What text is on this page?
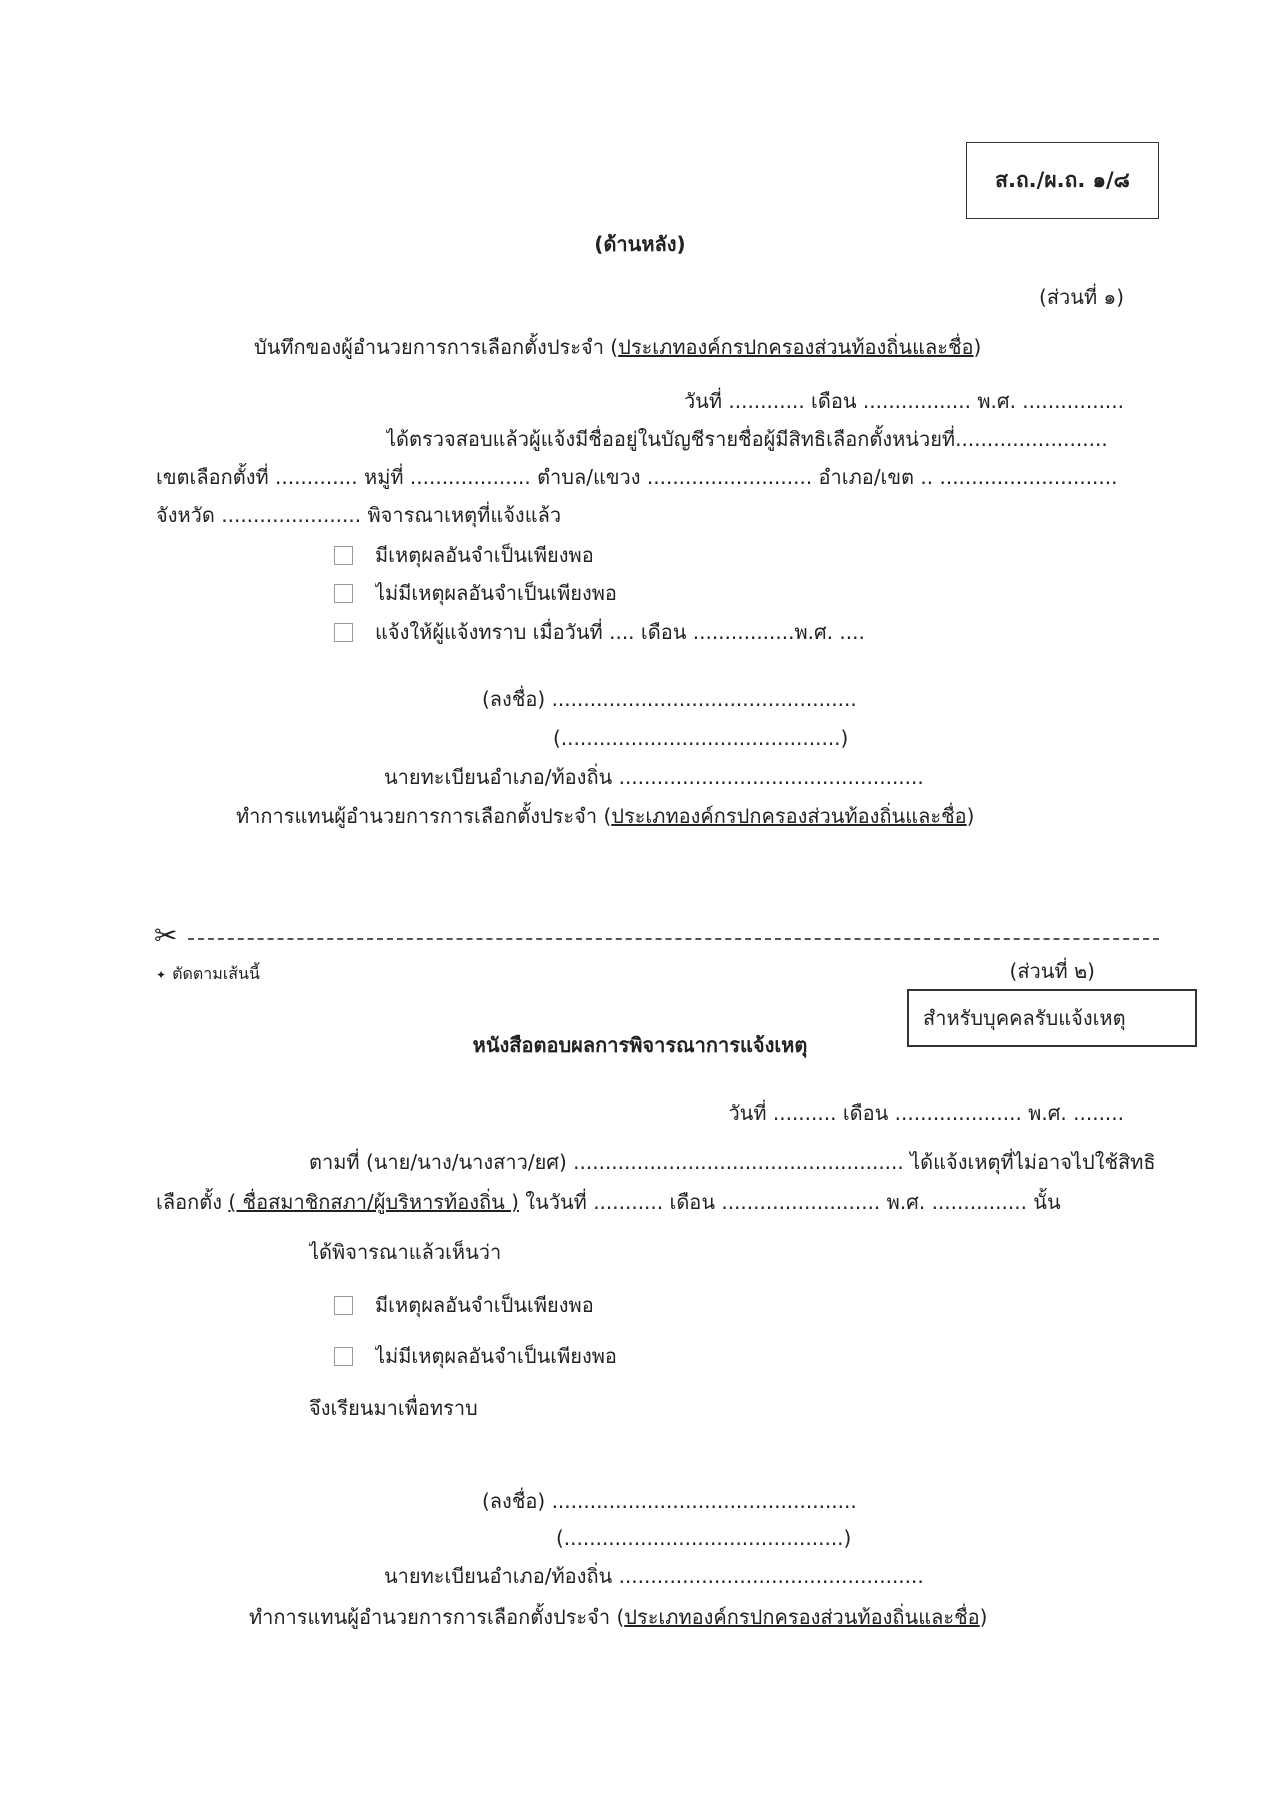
ส.ถ./ผ.ถ. ๑/๘
(ด้านหลัง)
(ส่วนที่ ๑)
บันทึกของผู้อำนวยการการเลือกตั้งประจำ (ประเภทองค์กรปกครองส่วนท้องถิ่นและชื่อ)
วันที่ ............ เดือน ................. พ.ศ. ................
ได้ตรวจสอบแล้วผู้แจ้งมีชื่ออยู่ในบัญชีรายชื่อผู้มีสิทธิเลือกตั้งหน่วยที่........................
เขตเลือกตั้งที่ ............. หมู่ที่ ................... ตำบล/แขวง .......................... อำเภอ/เขต .. ............................
จังหวัด ...................... พิจารณาเหตุที่แจ้งแล้ว
มีเหตุผลอันจำเป็นเพียงพอ
ไม่มีเหตุผลอันจำเป็นเพียงพอ
แจ้งให้ผู้แจ้งทราบ เมื่อวันที่ .... เดือน ................พ.ศ. ....
(ลงชื่อ) ................................................
(............................................)
นายทะเบียนอำเภอ/ท้องถิ่น ................................................
ทำการแทนผู้อำนวยการการเลือกตั้งประจำ (ประเภทองค์กรปกครองส่วนท้องถิ่นและชื่อ)
✂
✦ ตัดตามเส้นนี้	(ส่วนที่ ๒)
สำหรับบุคคลรับแจ้งเหตุ
หนังสือตอบผลการพิจารณาการแจ้งเหตุ
วันที่ .......... เดือน .................... พ.ศ. ........
ตามที่ (นาย/นาง/นางสาว/ยศ) .................................................... ได้แจ้งเหตุที่ไม่อาจไปใช้สิทธิ
เลือกตั้ง ( ชื่อสมาชิกสภา/ผู้บริหารท้องถิ่น ) ในวันที่ ........... เดือน ......................... พ.ศ. ............... นั้น
ได้พิจารณาแล้วเห็นว่า
มีเหตุผลอันจำเป็นเพียงพอ
ไม่มีเหตุผลอันจำเป็นเพียงพอ
จึงเรียนมาเพื่อทราบ
(ลงชื่อ) ................................................
(............................................)
นายทะเบียนอำเภอ/ท้องถิ่น ................................................
ทำการแทนผู้อำนวยการการเลือกตั้งประจำ (ประเภทองค์กรปกครองส่วนท้องถิ่นและชื่อ)
